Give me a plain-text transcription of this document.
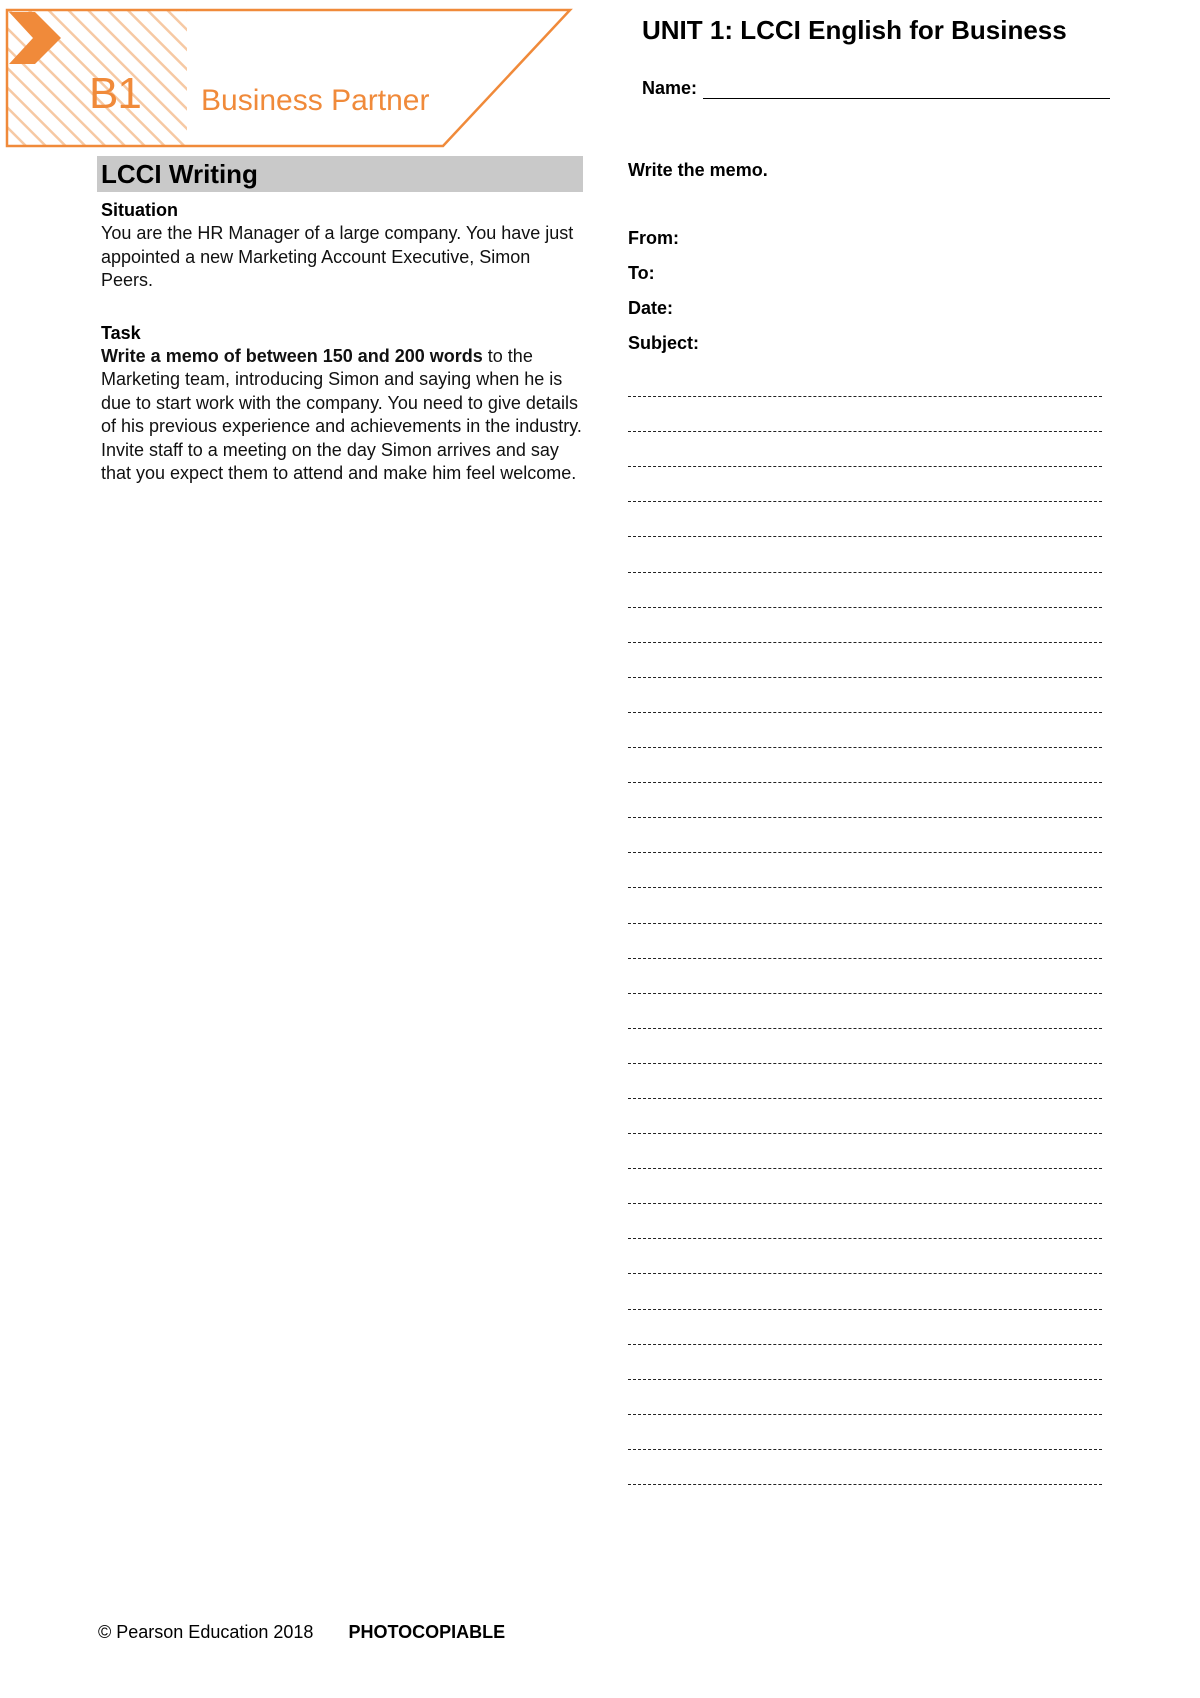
B1 Business Partner
UNIT 1: LCCI English for Business
Name:
LCCI Writing
Situation
You are the HR Manager of a large company. You have just appointed a new Marketing Account Executive, Simon Peers.
Task
Write a memo of between 150 and 200 words to the Marketing team, introducing Simon and saying when he is due to start work with the company. You need to give details of his previous experience and achievements in the industry. Invite staff to a meeting on the day Simon arrives and say that you expect them to attend and make him feel welcome.
Write the memo.
From:
To:
Date:
Subject:
© Pearson Education 2018 PHOTOCOPIABLE
